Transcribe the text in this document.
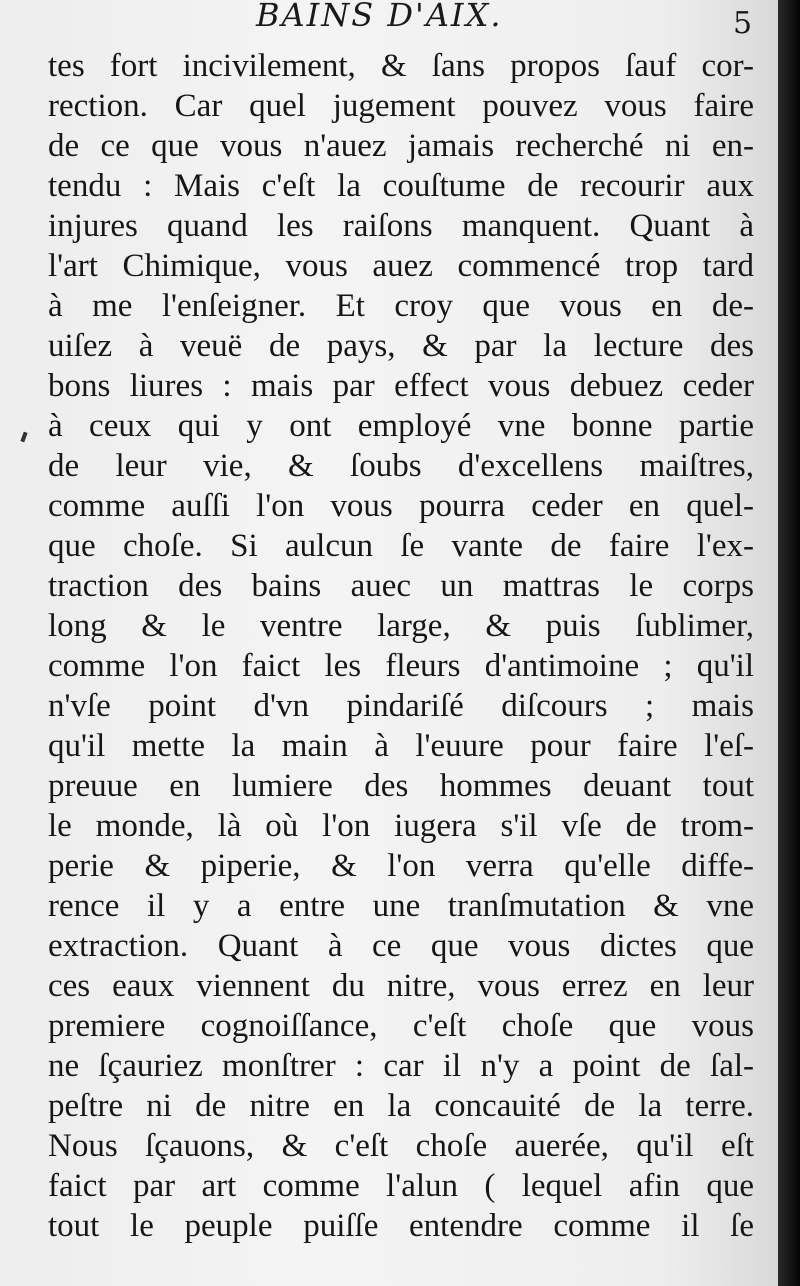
BAINS D'AIX.	5
tes fort incivilement, & ſans propos ſauf cor-
rection. Car quel jugement pouvez vous faire
de ce que vous n'auez jamais recherché ni en-
tendu : Mais c'eſt la couſtume de recourir aux
injures quand les raiſons manquent. Quant à
l'art Chimique, vous auez commencé trop tard
à me l'enſeigner. Et croy que vous en de-
uiſez à veuë de pays, & par la lecture des
bons liures : mais par effect vous debuez ceder
à ceux qui y ont employé vne bonne partie
de leur vie, & ſoubs d'excellens maiſtres,
comme auſſi l'on vous pourra ceder en quel-
que choſe. Si aulcun ſe vante de faire l'ex-
traction des bains auec un mattras le corps
long & le ventre large, & puis ſublimer,
comme l'on faict les fleurs d'antimoine ; qu'il
n'vſe point d'vn pindariſé diſcours ; mais
qu'il mette la main à l'euure pour faire l'eſ-
preuue en lumiere des hommes deuant tout
le monde, là où l'on iugera s'il vſe de trom-
perie & piperie, & l'on verra qu'elle diffe-
rence il y a entre une tranſmutation & vne
extraction. Quant à ce que vous dictes que
ces eaux viennent du nitre, vous errez en leur
premiere cognoiſſance, c'eſt choſe que vous
ne ſçauriez monſtrer : car il n'y a point de ſal-
peſtre ni de nitre en la concauité de la terre.
Nous ſçauons, & c'eſt choſe auerée, qu'il eſt
faict par art comme l'alun ( lequel afin que
tout le peuple puiſſe entendre comme il ſe
